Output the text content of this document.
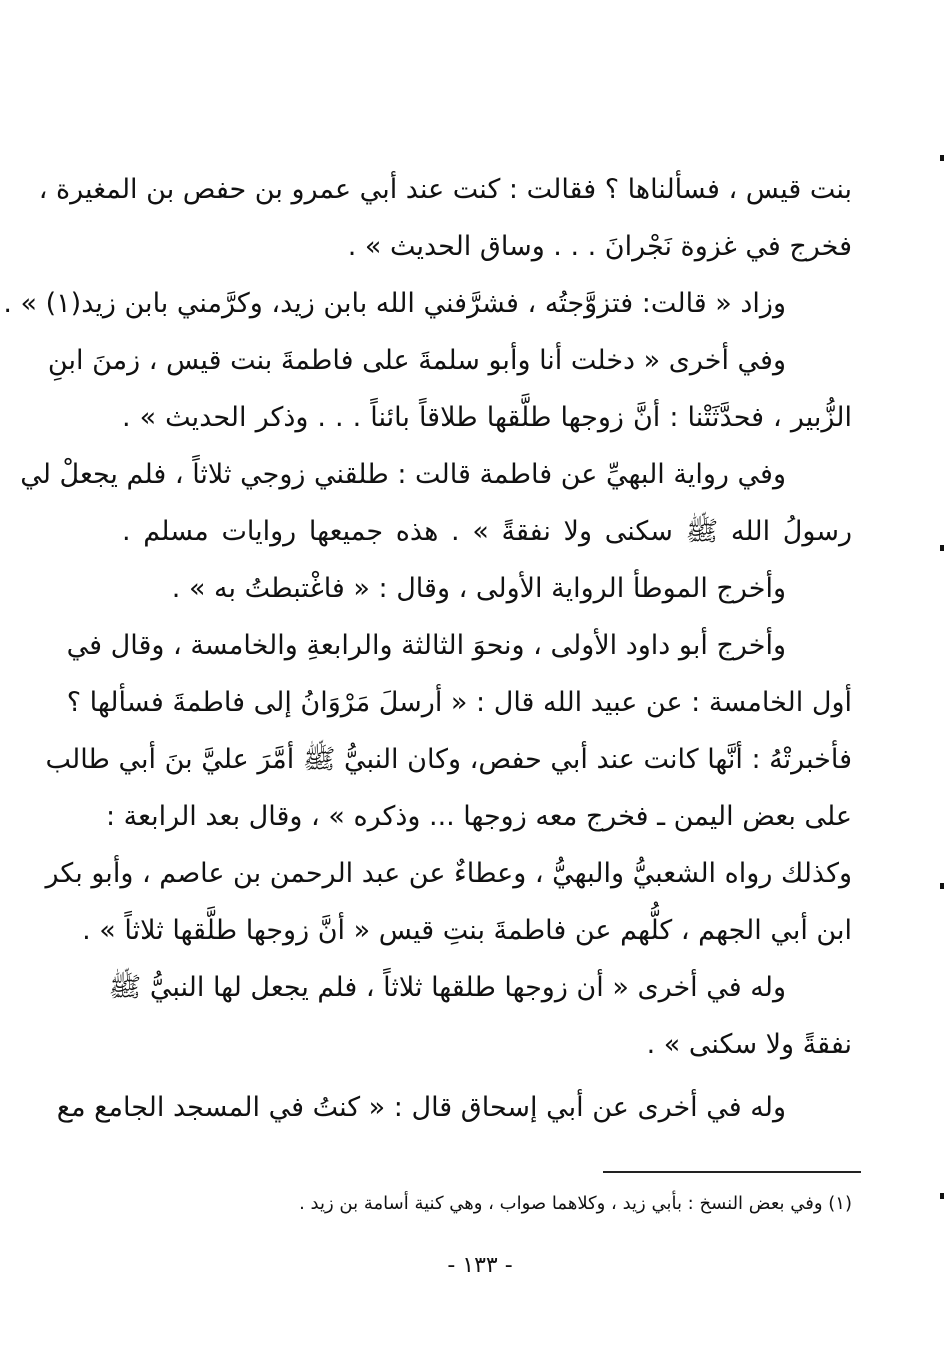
بنت قيس ، فسألناها ؟ فقالت : كنت عند أبي عمرو بن حفص بن المغيرة ،
فخرج في غزوة نَجْرانَ . . . وساق الحديث » .
وزاد « قالت: فتزوَّجتُه ، فشرَّفني الله بابن زيد، وكرَّمني بابن زيد(١) » .
وفي أخرى « دخلت أنا وأبو سلمةَ على فاطمةَ بنت قيس ، زمنَ ابنِ
الزُّبير ، فحدَّثَتْنا : أنَّ زوجها طلَّقها طلاقاً بائناً . . . وذكر الحديث » .
وفي رواية البهيِّ عن فاطمة قالت : طلقني زوجي ثلاثاً ، فلم يجعلْ لي
رسولُ الله ﷺ سكنى ولا نفقةً » . هذه جميعها روايات مسلم .
وأخرج الموطأ الرواية الأولى ، وقال : « فاغْتبطتُ به » .
وأخرج أبو داود الأولى ، ونحوَ الثالثة والرابعةِ والخامسة ، وقال في
أول الخامسة : عن عبيد الله قال : « أرسلَ مَرْوَانُ إلى فاطمةَ فسألها ؟
فأخبرتْهُ : أنَّها كانت عند أبي حفص، وكان النبيُّ ﷺ أمَّرَ عليَّ بنَ أبي طالب
على بعض اليمن ـ فخرج معه زوجها ... وذكره » ، وقال بعد الرابعة :
وكذلك رواه الشعبيُّ والبهيُّ ، وعطاءٌ عن عبد الرحمن بن عاصم ، وأبو بكر
ابن أبي الجهم ، كلُّهم عن فاطمةَ بنتِ قيس « أنَّ زوجها طلَّقها ثلاثاً » .
وله في أخرى « أن زوجها طلقها ثلاثاً ، فلم يجعل لها النبيُّ ﷺ
نفقةً ولا سكنى » .
وله في أخرى عن أبي إسحاق قال : « كنتُ في المسجد الجامع مع
(١) وفي بعض النسخ : بأبي زيد ، وكلاهما صواب ، وهي كنية أسامة بن زيد .
- ١٣٣ -
